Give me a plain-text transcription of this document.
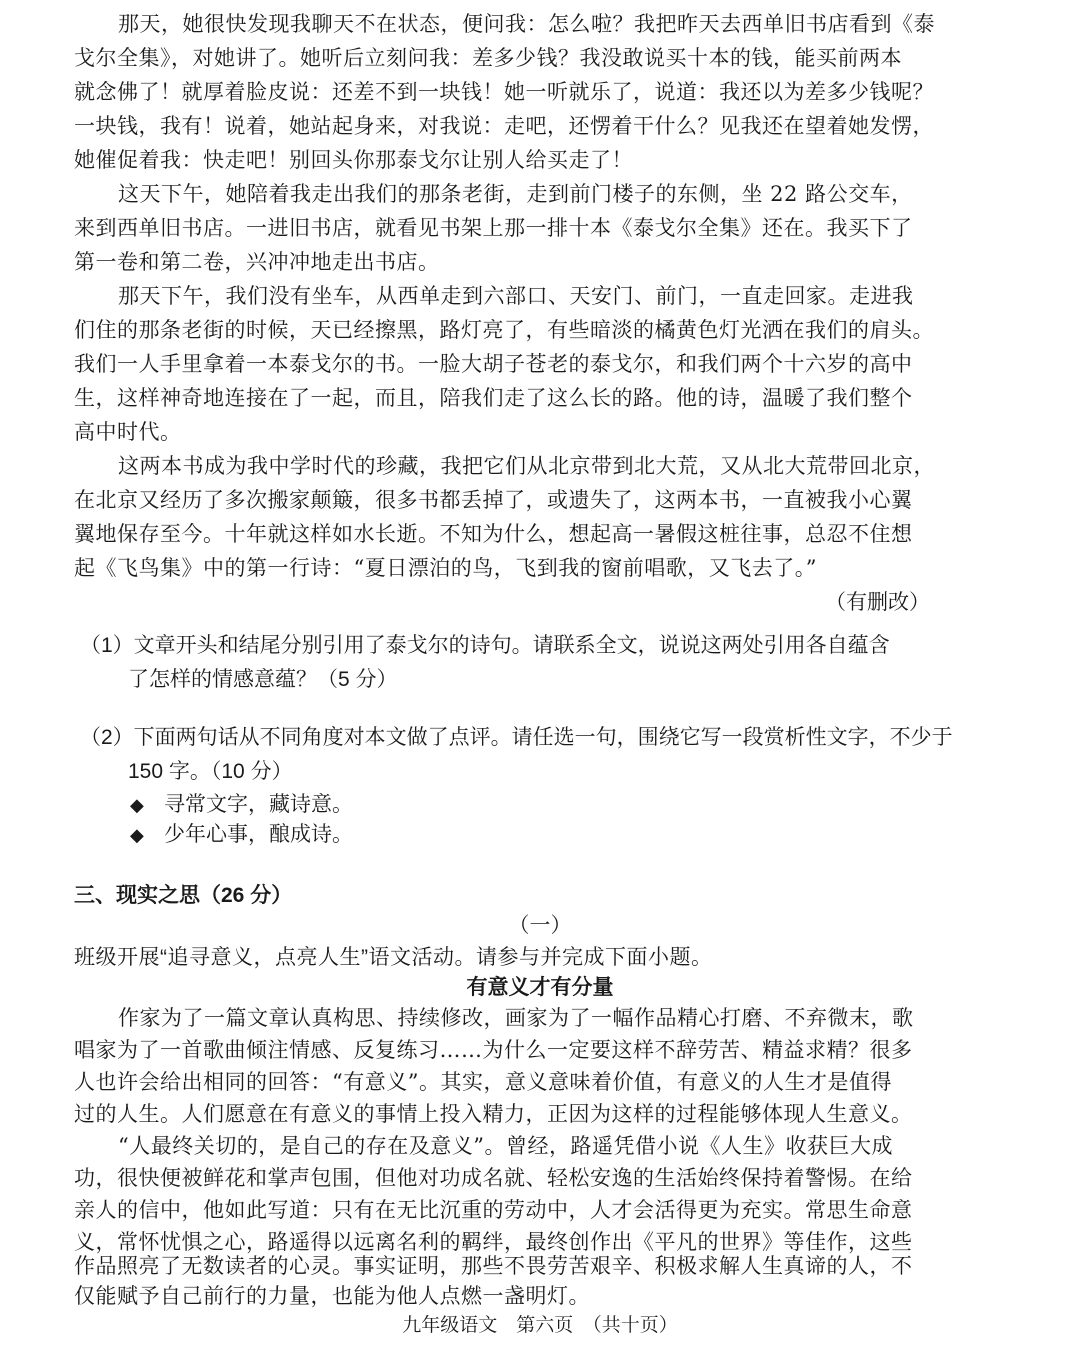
那天，她很快发现我聊天不在状态，便问我：怎么啦？我把昨天去西单旧书店看到《泰
戈尔全集》，对她讲了。她听后立刻问我：差多少钱？我没敢说买十本的钱，能买前两本
就念佛了！就厚着脸皮说：还差不到一块钱！她一听就乐了，说道：我还以为差多少钱呢？
一块钱，我有！说着，她站起身来，对我说：走吧，还愣着干什么？见我还在望着她发愣，
她催促着我：快走吧！别回头你那泰戈尔让别人给买走了！
这天下午，她陪着我走出我们的那条老街，走到前门楼子的东侧，坐 22 路公交车，
来到西单旧书店。一进旧书店，就看见书架上那一排十本《泰戈尔全集》还在。我买下了
第一卷和第二卷，兴冲冲地走出书店。
那天下午，我们没有坐车，从西单走到六部口、天安门、前门，一直走回家。走进我
们住的那条老街的时候，天已经擦黑，路灯亮了，有些暗淡的橘黄色灯光洒在我们的肩头。
我们一人手里拿着一本泰戈尔的书。一脸大胡子苍老的泰戈尔，和我们两个十六岁的高中
生，这样神奇地连接在了一起，而且，陪我们走了这么长的路。他的诗，温暖了我们整个
高中时代。
这两本书成为我中学时代的珍藏，我把它们从北京带到北大荒，又从北大荒带回北京，
在北京又经历了多次搬家颠簸，很多书都丢掉了，或遗失了，这两本书，一直被我小心翼
翼地保存至今。十年就这样如水长逝。不知为什么，想起高一暑假这桩往事，总忍不住想
起《飞鸟集》中的第一行诗：“夏日漂泊的鸟，飞到我的窗前唱歌，又飞去了。”
（有删改）
（1）文章开头和结尾分别引用了泰戈尔的诗句。请联系全文，说说这两处引用各自蕴含
了怎样的情感意蕴？（5 分）
（2）下面两句话从不同角度对本文做了点评。请任选一句，围绕它写一段赏析性文字，不少于
150 字。（10 分）
◆ 寻常文字，藏诗意。
◆ 少年心事，酿成诗。
三、现实之思（26 分）
（一）
班级开展“追寻意义，点亮人生”语文活动。请参与并完成下面小题。
有意义才有分量
作家为了一篇文章认真构思、持续修改，画家为了一幅作品精心打磨、不弃微末，歌
唱家为了一首歌曲倾注情感、反复练习……为什么一定要这样不辞劳苦、精益求精？很多
人也许会给出相同的回答：“有意义”。其实，意义意味着价值，有意义的人生才是值得
过的人生。人们愿意在有意义的事情上投入精力，正因为这样的过程能够体现人生意义。
“人最终关切的，是自己的存在及意义”。曾经，路遥凭借小说《人生》收获巨大成
功，很快便被鲜花和掌声包围，但他对功成名就、轻松安逸的生活始终保持着警惕。在给
亲人的信中，他如此写道：只有在无比沉重的劳动中，人才会活得更为充实。常思生命意
义，常怀忧惧之心，路遥得以远离名利的羁绊，最终创作出《平凡的世界》等佳作，这些
作品照亮了无数读者的心灵。事实证明，那些不畏劳苦艰辛、积极求解人生真谛的人，不
九年级语文　第六页　（共十页）
仅能赋予自己前行的力量，也能为他人点燃一盏明灯。
